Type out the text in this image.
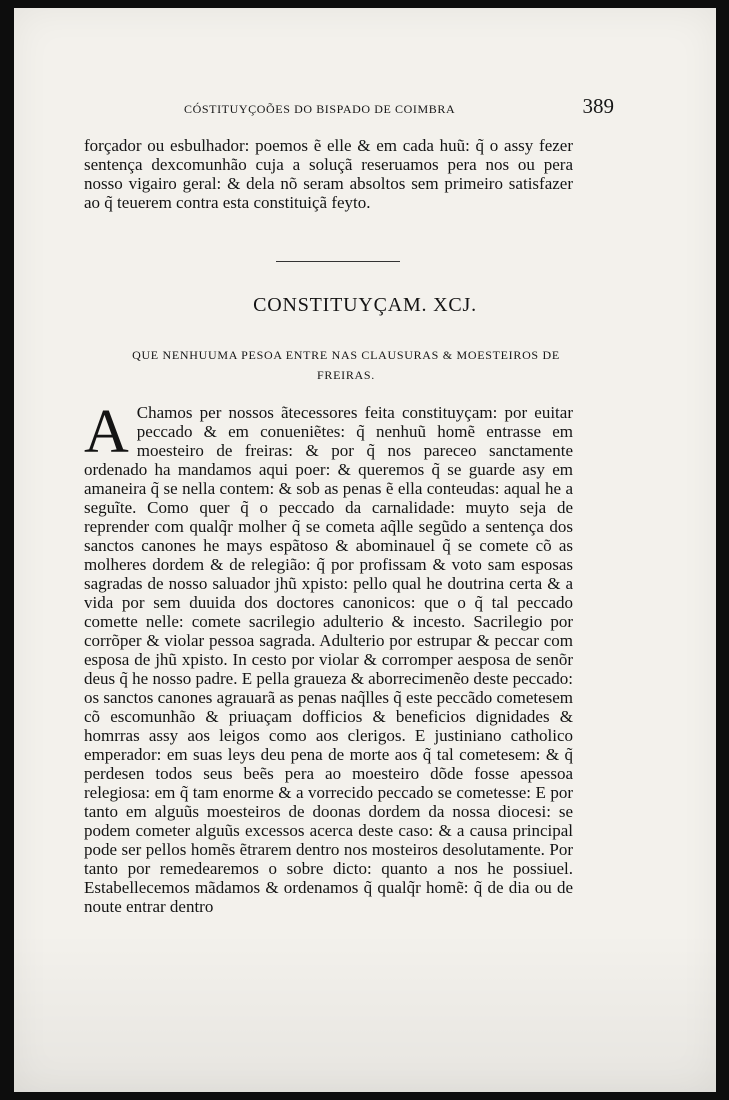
CÓSTITUYÇOÕES DO BISPADO DE COIMBRA	389

forçador ou esbulhador: poemos ẽ elle & em cada huũ: q̃ o assy fezer sentença dexcomunhão cuja a soluçã reseruamos pera nos ou pera nosso vigairo geral: & dela nõ seram absoltos sem primeiro satisfazer ao q̃ teuerem contra esta constituiçã feyto.

CONSTITUYÇAM. XCJ.
QUE NENHUUMA PESOA ENTRE NAS CLAUSURAS & MOESTEIROS DE FREIRAS.

A Chamos per nossos ãtecessores feita constituyçam: por euitar peccado & em conueniẽtes: q̃ nenhuũ homẽ entrasse em moesteiro de freiras: & por q̃ nos pareceo sanctamente ordenado ha mandamos aqui poer: & queremos q̃ se guarde asy em amaneira q̃ se nella contem: & sob as penas ẽ ella conteudas: aqual he a seguĩte. Como quer q̃ o peccado da carnalidade: muyto seja de reprender com qualq̃r molher q̃ se cometa aq̃lle segũdo a sentença dos sanctos canones he mays espãtoso & abominauel q̃ se comete cõ as molheres dordem & de relegião: q̃ por profissam & voto sam esposas sagradas de nosso saluador jhũ xpisto: pello qual he doutrina certa & a vida por sem duuida dos doctores canonicos: que o q̃ tal peccado comette nelle: comete sacrilegio adulterio & incesto. Sacrilegio por corrõper & violar pessoa sagrada. Adulterio por estrupar & peccar com esposa de jhũ xpisto. In cesto por violar & corromper aesposa de senõr deus q̃ he nosso padre. E pella graueza & aborrecimenẽo deste peccado: os sanctos canones agrauarã as penas naq̃lles q̃ este peccãdo cometesem cõ escomunhão & priuaçam dofficios & beneficios dignidades & homrras assy aos leigos como aos clerigos. E justiniano catholico emperador: em suas leys deu pena de morte aos q̃ tal cometesem: & q̃ perdesen todos seus beẽs pera ao moesteiro dõde fosse apessoa relegiosa: em q̃ tam enorme & a vorrecido peccado se cometesse: E por tanto em alguũs moesteiros de doonas dordem da nossa diocesi: se podem cometer alguũs excessos acerca deste caso: & a causa principal pode ser pellos homẽs ẽtrarem dentro nos mosteiros desolutamente. Por tanto por remedearemos o sobre dicto: quanto a nos he possiuel. Estabellecemos mãdamos & ordenamos q̃ qualq̃r homẽ: q̃ de dia ou de noute entrar dentro
